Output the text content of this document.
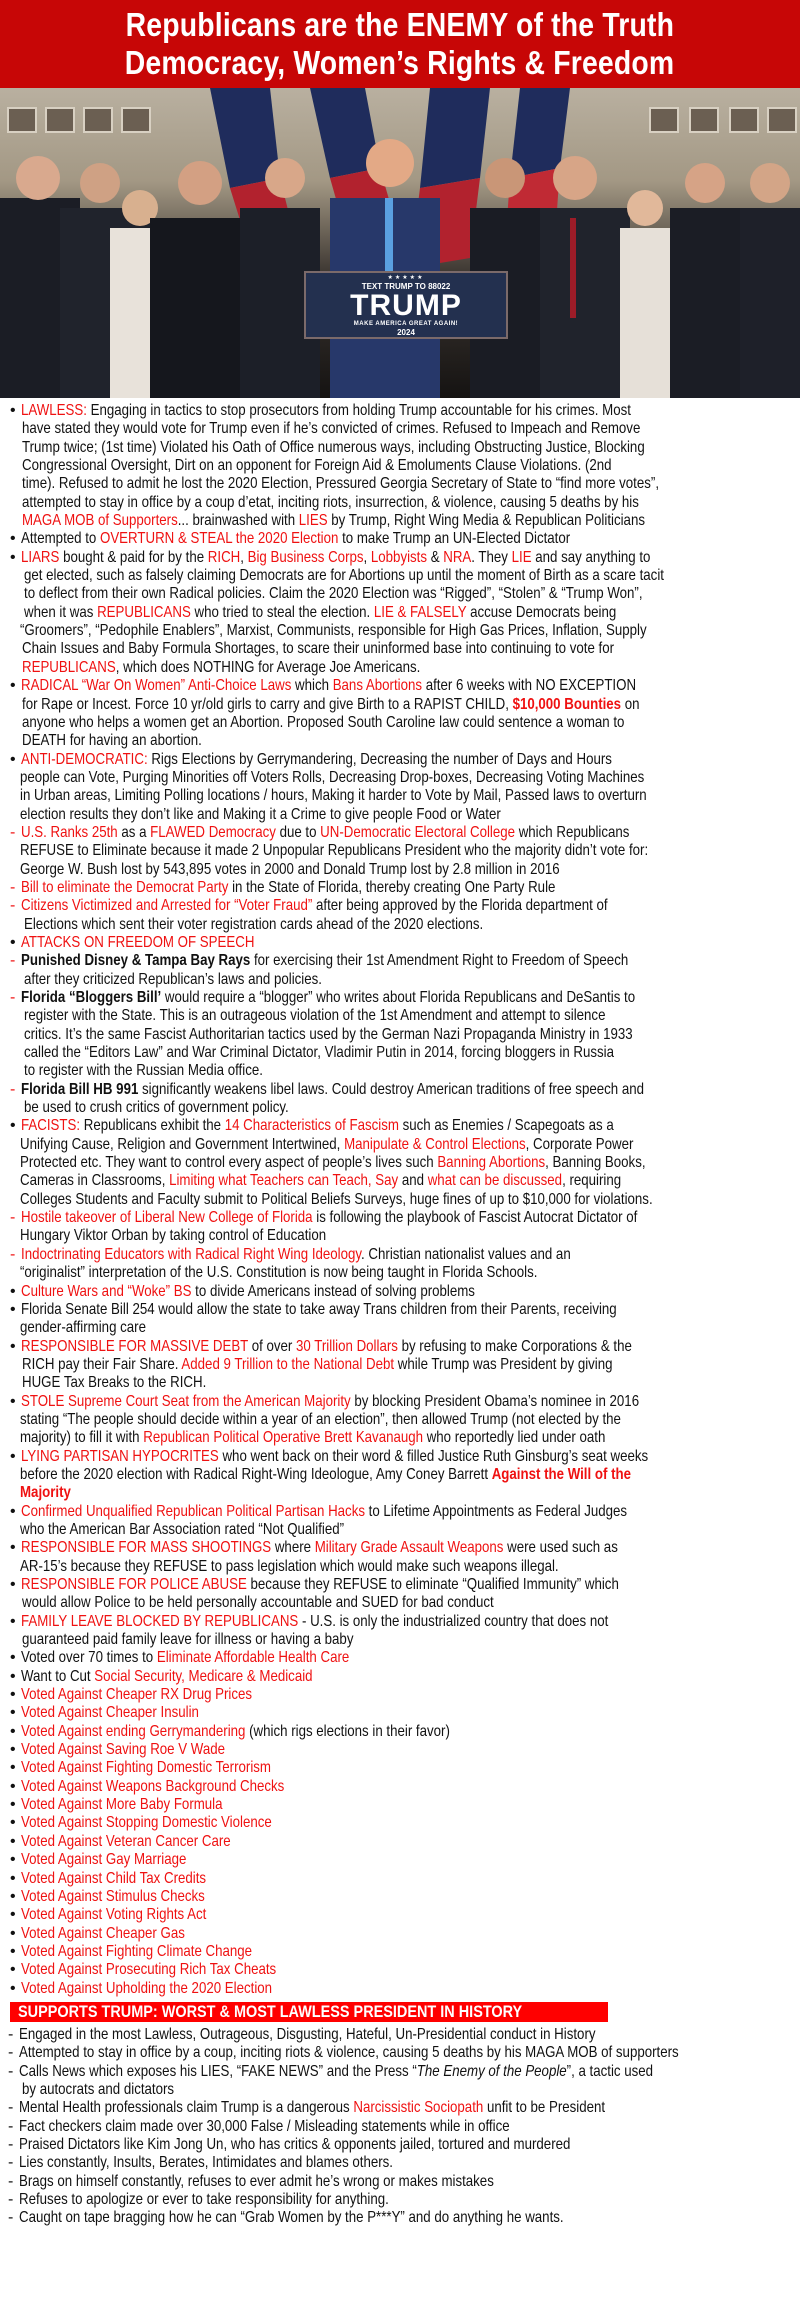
Republicans are the ENEMY of the Truth
Democracy, Women’s Rights & Freedom
★★★★★
TEXT TRUMP TO 88022
TRUMP
MAKE AMERICA GREAT AGAIN!
2024
• LAWLESS: Engaging in tactics to stop prosecutors from holding Trump accountable for his crimes. Most
have stated they would vote for Trump even if he’s convicted of crimes. Refused to Impeach and Remove
Trump twice; (1st time) Violated his Oath of Office numerous ways, including Obstructing Justice, Blocking
Congressional Oversight, Dirt on an opponent for Foreign Aid & Emoluments Clause Violations. (2nd
time). Refused to admit he lost the 2020 Election, Pressured Georgia Secretary of State to “find more votes”,
attempted to stay in office by a coup d’etat, inciting riots, insurrection, & violence, causing 5 deaths by his
MAGA MOB of Supporters... brainwashed with LIES by Trump, Right Wing Media & Republican Politicians
• Attempted to OVERTURN & STEAL the 2020 Election to make Trump an UN-Elected Dictator
• LIARS bought & paid for by the RICH, Big Business Corps, Lobbyists & NRA. They LIE and say anything to
get elected, such as falsely claiming Democrats are for Abortions up until the moment of Birth as a scare tacit
to deflect from their own Radical policies. Claim the 2020 Election was “Rigged”, “Stolen” & “Trump Won”,
when it was REPUBLICANS who tried to steal the election. LIE & FALSELY accuse Democrats being
“Groomers”, “Pedophile Enablers”, Marxist, Communists, responsible for High Gas Prices, Inflation, Supply
Chain Issues and Baby Formula Shortages, to scare their uninformed base into continuing to vote for
REPUBLICANS, which does NOTHING for Average Joe Americans.
• RADICAL “War On Women” Anti-Choice Laws which Bans Abortions after 6 weeks with NO EXCEPTION
for Rape or Incest. Force 10 yr/old girls to carry and give Birth to a RAPIST CHILD, $10,000 Bounties on
anyone who helps a women get an Abortion. Proposed South Caroline law could sentence a woman to
DEATH for having an abortion.
• ANTI-DEMOCRATIC: Rigs Elections by Gerrymandering, Decreasing the number of Days and Hours
people can Vote, Purging Minorities off Voters Rolls, Decreasing Drop-boxes, Decreasing Voting Machines
in Urban areas, Limiting Polling locations / hours, Making it harder to Vote by Mail, Passed laws to overturn
election results they don’t like and Making it a Crime to give people Food or Water
- U.S. Ranks 25th as a FLAWED Democracy due to UN-Democratic Electoral College which Republicans
REFUSE to Eliminate because it made 2 Unpopular Republicans President who the majority didn’t vote for:
George W. Bush lost by 543,895 votes in 2000 and Donald Trump lost by 2.8 million in 2016
- Bill to eliminate the Democrat Party in the State of Florida, thereby creating One Party Rule
- Citizens Victimized and Arrested for “Voter Fraud” after being approved by the Florida department of
Elections which sent their voter registration cards ahead of the 2020 elections.
• ATTACKS ON FREEDOM OF SPEECH
- Punished Disney & Tampa Bay Rays for exercising their 1st Amendment Right to Freedom of Speech
after they criticized Republican’s laws and policies.
- Florida “Bloggers Bill’ would require a “blogger” who writes about Florida Republicans and DeSantis to
register with the State. This is an outrageous violation of the 1st Amendment and attempt to silence
critics. It’s the same Fascist Authoritarian tactics used by the German Nazi Propaganda Ministry in 1933
called the “Editors Law” and War Criminal Dictator, Vladimir Putin in 2014, forcing bloggers in Russia
to register with the Russian Media office.
- Florida Bill HB 991 significantly weakens libel laws. Could destroy American traditions of free speech and
be used to crush critics of government policy.
• FACISTS: Republicans exhibit the 14 Characteristics of Fascism such as Enemies / Scapegoats as a
Unifying Cause, Religion and Government Intertwined, Manipulate & Control Elections, Corporate Power
Protected etc. They want to control every aspect of people’s lives such Banning Abortions, Banning Books,
Cameras in Classrooms, Limiting what Teachers can Teach, Say and what can be discussed, requiring
Colleges Students and Faculty submit to Political Beliefs Surveys, huge fines of up to $10,000 for violations.
- Hostile takeover of Liberal New College of Florida is following the playbook of Fascist Autocrat Dictator of
Hungary Viktor Orban by taking control of Education
- Indoctrinating Educators with Radical Right Wing Ideology. Christian nationalist values and an
“originalist” interpretation of the U.S. Constitution is now being taught in Florida Schools.
• Culture Wars and “Woke” BS to divide Americans instead of solving problems
• Florida Senate Bill 254 would allow the state to take away Trans children from their Parents, receiving
gender-affirming care
• RESPONSIBLE FOR MASSIVE DEBT of over 30 Trillion Dollars by refusing to make Corporations & the
RICH pay their Fair Share. Added 9 Trillion to the National Debt while Trump was President by giving
HUGE Tax Breaks to the RICH.
• STOLE Supreme Court Seat from the American Majority by blocking President Obama’s nominee in 2016
stating “The people should decide within a year of an election”, then allowed Trump (not elected by the
majority) to fill it with Republican Political Operative Brett Kavanaugh who reportedly lied under oath
• LYING PARTISAN HYPOCRITES who went back on their word & filled Justice Ruth Ginsburg’s seat weeks
before the 2020 election with Radical Right-Wing Ideologue, Amy Coney Barrett Against the Will of the
Majority
• Confirmed Unqualified Republican Political Partisan Hacks to Lifetime Appointments as Federal Judges
who the American Bar Association rated “Not Qualified”
• RESPONSIBLE FOR MASS SHOOTINGS where Military Grade Assault Weapons were used such as
AR-15’s because they REFUSE to pass legislation which would make such weapons illegal.
• RESPONSIBLE FOR POLICE ABUSE because they REFUSE to eliminate “Qualified Immunity” which
would allow Police to be held personally accountable and SUED for bad conduct
• FAMILY LEAVE BLOCKED BY REPUBLICANS - U.S. is only the industrialized country that does not
guaranteed paid family leave for illness or having a baby
• Voted over 70 times to Eliminate Affordable Health Care
• Want to Cut Social Security, Medicare & Medicaid
• Voted Against Cheaper RX Drug Prices
• Voted Against Cheaper Insulin
• Voted Against ending Gerrymandering (which rigs elections in their favor)
• Voted Against Saving Roe V Wade
• Voted Against Fighting Domestic Terrorism
• Voted Against Weapons Background Checks
• Voted Against More Baby Formula
• Voted Against Stopping Domestic Violence
• Voted Against Veteran Cancer Care
• Voted Against Gay Marriage
• Voted Against Child Tax Credits
• Voted Against Stimulus Checks
• Voted Against Voting Rights Act
• Voted Against Cheaper Gas
• Voted Against Fighting Climate Change
• Voted Against Prosecuting Rich Tax Cheats
• Voted Against Upholding the 2020 Election
SUPPORTS TRUMP: WORST & MOST LAWLESS PRESIDENT IN HISTORY
- Engaged in the most Lawless, Outrageous, Disgusting, Hateful, Un-Presidential conduct in History
- Attempted to stay in office by a coup, inciting riots & violence, causing 5 deaths by his MAGA MOB of supporters
- Calls News which exposes his LIES, “FAKE NEWS” and the Press “The Enemy of the People”, a tactic used
by autocrats and dictators
- Mental Health professionals claim Trump is a dangerous Narcissistic Sociopath unfit to be President
- Fact checkers claim made over 30,000 False / Misleading statements while in office
- Praised Dictators like Kim Jong Un, who has critics & opponents jailed, tortured and murdered
- Lies constantly, Insults, Berates, Intimidates and blames others.
- Brags on himself constantly, refuses to ever admit he’s wrong or makes mistakes
- Refuses to apologize or ever to take responsibility for anything.
- Caught on tape bragging how he can “Grab Women by the P***Y” and do anything he wants.
